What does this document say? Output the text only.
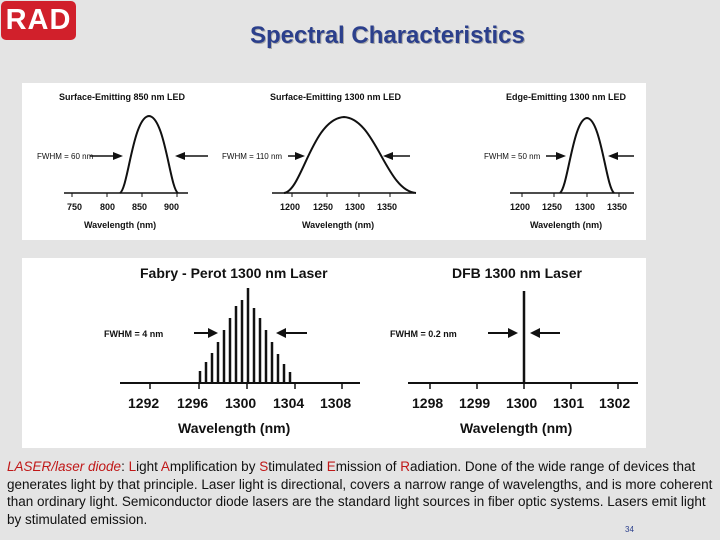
RAD	Spectral Characteristics
Surface-Emitting 850 nm LED
750 800 850 900
Wavelength (nm)
FWHM = 60 nm
Surface-Emitting 1300 nm LED
1200 1250 1300 1350
Wavelength (nm)
FWHM = 110 nm
Edge-Emitting 1300 nm LED
1200 1250 1300 1350
Wavelength (nm)
FWHM = 50 nm
Fabry - Perot 1300 nm Laser
1292 1296 1300 1304 1308
Wavelength (nm)
FWHM = 4 nm
DFB 1300 nm Laser
1298 1299 1300 1301 1302
Wavelength (nm)
FWHM = 0.2 nm
LASER/laser diode: Light Amplification by Stimulated Emission of Radiation. Done of the wide range of devices that generates light by that principle. Laser light is directional, covers a narrow range of wavelengths, and is more coherent than ordinary light. Semiconductor diode lasers are the standard light sources in fiber optic systems. Lasers emit light by stimulated emission.
34
